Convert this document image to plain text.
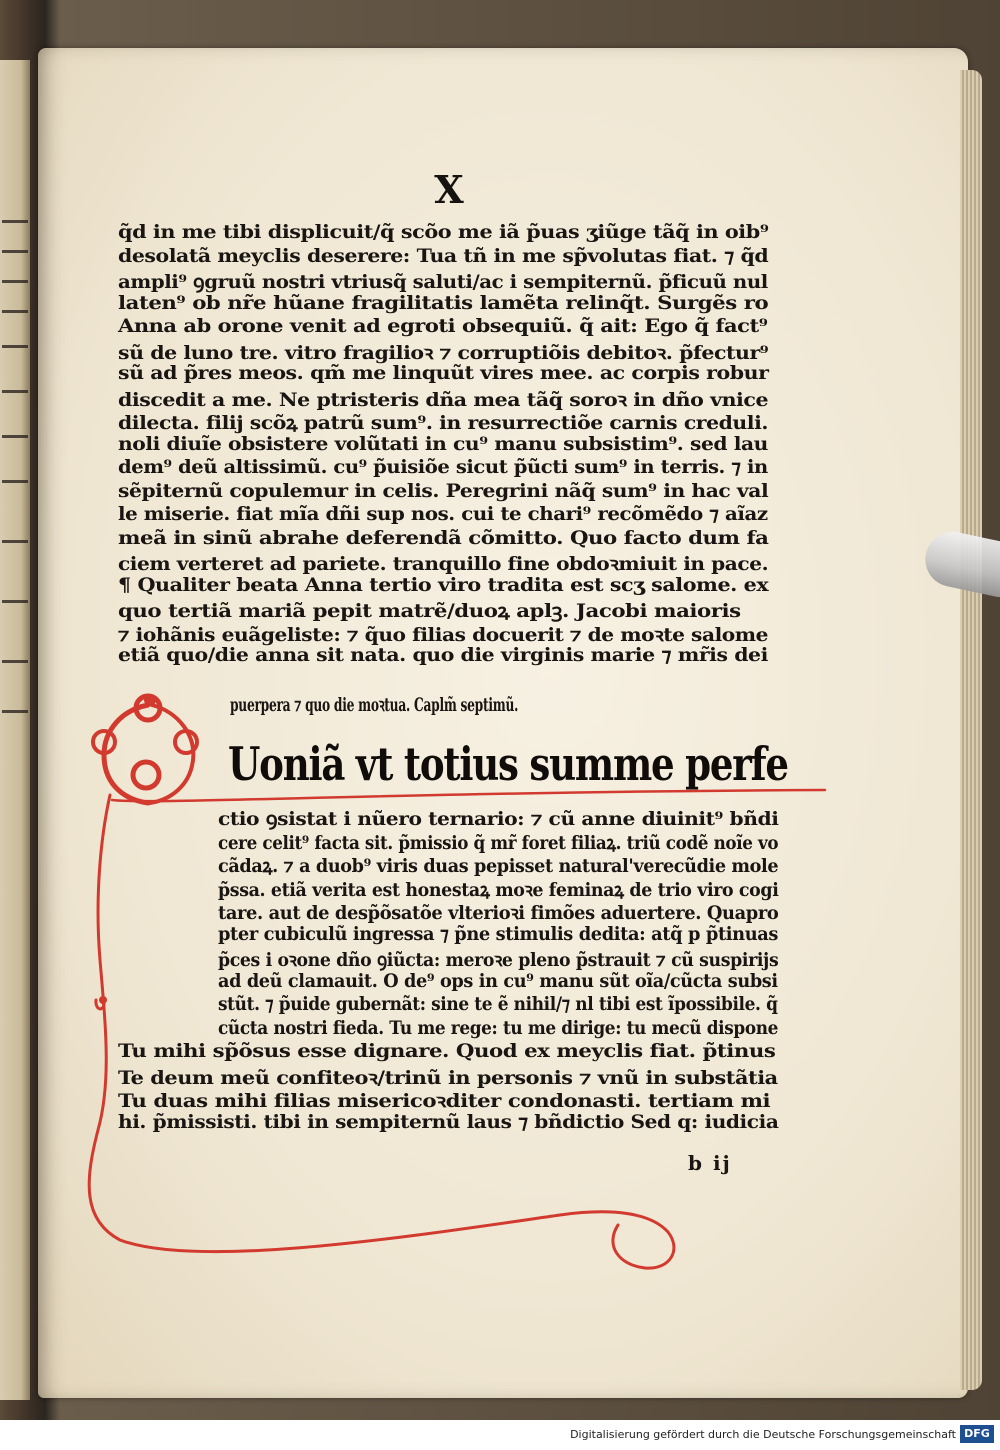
X
q̃d in me tibi displicuit/q̃ scõo me iã p̃uas ʒiũge tãq̃ in oib⁹
desolatã meyclis deserere: Tua tñ in me sp̃volutas fiat. ⁊ q̃d
ampli⁹ ꝯgruũ nostri vtriusq̃ saluti/ac i sempiternũ. p̃ficuũ nul
laten⁹ ob nr̃e hũane fragilitatis lamẽta relinq̃t. Surgẽs ro
Anna ab orone venit ad egroti obsequiũ. q̃ ait: Ego q̃ fact⁹
sũ de luno tre. vitro fragilioꝛ ⁊ corruptiõis debitoꝛ. p̃fectur⁹
sũ ad p̃res meos. qm̃ me linquũt vires mee. ac corpis robur
discedit a me. Ne ptristeris dña mea tãq̃ soroꝛ in dño vnice
dilecta. filij scõꝝ patrũ sum⁹. in resurrectiõe carnis creduli.
noli diuĩe obsistere volũtati in cu⁹ manu subsistim⁹. sed lau
dem⁹ deũ altissimũ. cu⁹ p̃uisiõe sicut p̃ũcti sum⁹ in terris. ⁊ in
sẽpiternũ copulemur in celis. Peregrini nãq̃ sum⁹ in hac val
le miserie. fiat mĩa dñi sup nos. cui te chari⁹ recõmẽdo ⁊ aĩaz
meã in sinũ abrahe deferendã cõmitto. Quo facto dum fa
ciem verteret ad pariete. tranquillo fine obdoꝛmiuit in pace.
¶ Qualiter beata Anna tertio viro tradita est scʒ salome. ex
quo tertiã mariã pepit matrẽ/duoꝝ aplꝫ. Jacobi maioris
⁊ iohãnis euãgeliste: ⁊ q̃uo filias docuerit ⁊ de moꝛte salome
etiã quo/die anna sit nata. quo die virginis marie ⁊ mr̃is dei
puerpera ⁊ quo die moꝛtua. Caplm̃ septimũ.
Uoniã vt totius summe perfe
ctio ꝯsistat i nũero ternario: ⁊ cũ anne diuinit⁹ bñdi
cere celit⁹ facta sit. p̃missio q̃ mr̃ foret filiaꝝ. triũ codẽ noĩe vo
cãdaꝝ. ⁊ a duob⁹ viris duas pepisset natural'verecũdie mole
p̃ssa. etiã verita est honestaꝝ moꝛe feminaꝝ de trio viro cogi
tare. aut de desp̃õsatõe vlterioꝛi fimões aduertere. Quapro
pter cubiculũ ingressa ⁊ p̃ne stimulis dedita: atq̃ p p̃tinuas
p̃ces i oꝛone dño ꝯiũcta: meroꝛe pleno p̃strauit ⁊ cũ suspirijs
ad deũ clamauit. O de⁹ ops in cu⁹ manu sũt oĩa/cũcta subsi
stũt. ⁊ p̃uide gubernãt: sine te ẽ nihil/⁊ nl tibi est ĩpossibile. q̃
cũcta nostri fieda. Tu me rege: tu me dirige: tu mecũ dispone
Tu mihi sp̃õsus esse dignare. Quod ex meyclis fiat. p̃tinus
Te deum meũ confiteoꝛ/trinũ in personis ⁊ vnũ in substãtia
Tu duas mihi filias misericoꝛditer condonasti. tertiam mi
hi. p̃missisti. tibi in sempiternũ laus ⁊ bñdictio Sed q: iudicia
b ij
Digitalisierung gefördert durch die Deutsche Forschungsgemeinschaft DFG
